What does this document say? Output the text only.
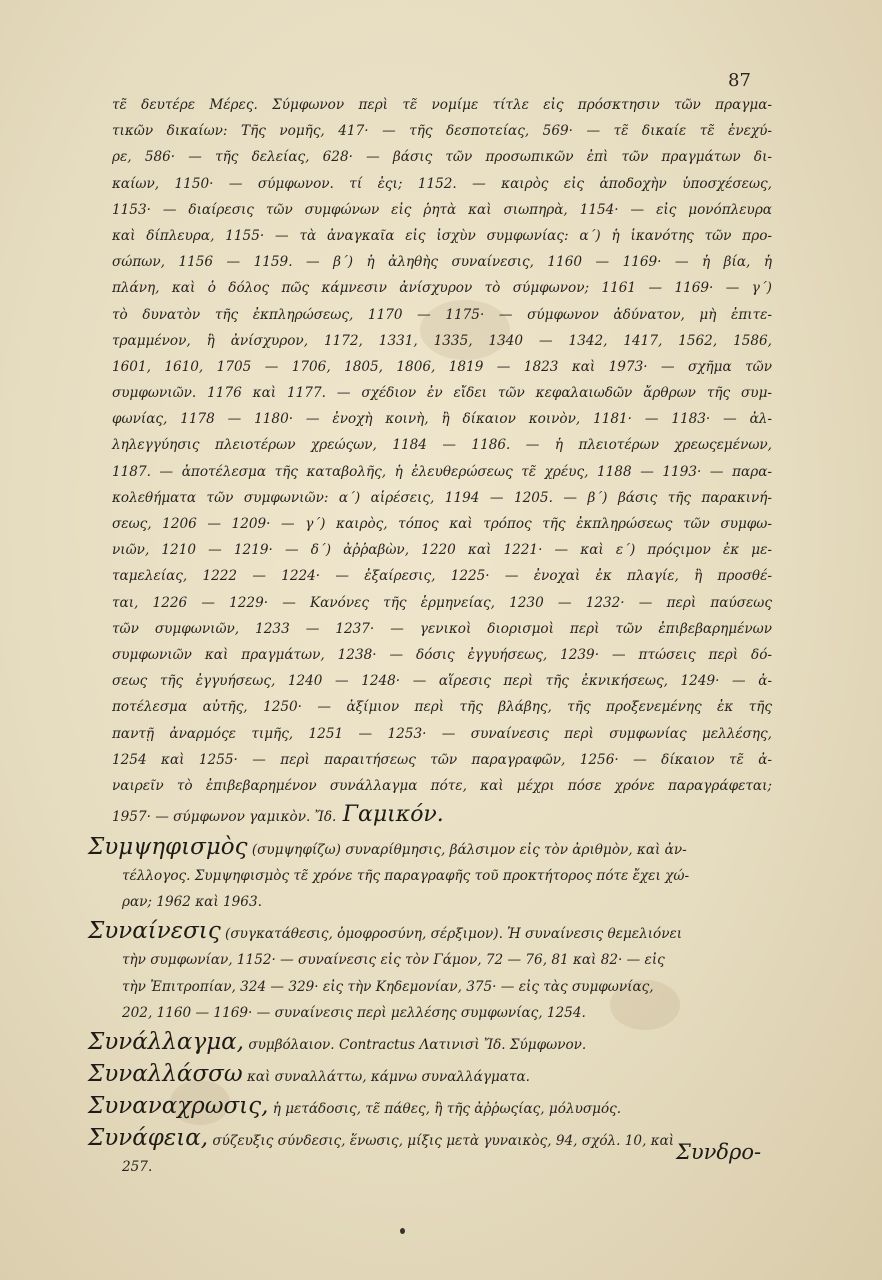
87
τε̃ δευτέρε Μέρες. Σύμφωνον περὶ τε̃ νομίμε τίτλε εἰς πρόσκτησιν τῶν πραγμα-
τικῶν δικαίων: Τῆς νομῆς, 417· — τῆς δεσποτείας, 569· — τε̃ δικαίε τε̃ ἐνεχύ-
ρε, 586· — τῆς δελείας, 628· — βάσις τῶν προσωπικῶν ἐπὶ τῶν πραγμάτων δι-
καίων, 1150· — σύμφωνον. τί ἐςι; 1152. — καιρὸς εἰς ἀποδοχὴν ὑποσχέσεως,
1153· — διαίρεσις τῶν συμφώνων εἰς ῥητὰ καὶ σιωπηρὰ, 1154· — εἰς μονόπλευρα
καὶ δίπλευρα, 1155· — τὰ ἀναγκαῖα εἰς ἰσχὺν συμφωνίας: α´) ἡ ἱκανότης τῶν προ-
σώπων, 1156 — 1159. — β´) ἡ ἀληθὴς συναίνεσις, 1160 — 1169· — ἡ βία, ἡ
πλάνη, καὶ ὁ δόλος πῶς κάμνεσιν ἀνίσχυρον τὸ σύμφωνον; 1161 — 1169· — γ´)
τὸ δυνατὸν τῆς ἐκπληρώσεως, 1170 — 1175· — σύμφωνον ἀδύνατον, μὴ ἐπιτε-
τραμμένον, ἢ ἀνίσχυρον, 1172, 1331, 1335, 1340 — 1342, 1417, 1562, 1586,
1601, 1610, 1705 — 1706, 1805, 1806, 1819 — 1823 καὶ 1973· — σχῆμα τῶν
συμφωνιῶν. 1176 καὶ 1177. — σχέδιον ἐν εἴδει τῶν κεφαλαιωδῶν ἄρθρων τῆς συμ-
φωνίας, 1178 — 1180· — ἐνοχὴ κοινὴ, ἢ δίκαιον κοινὸν, 1181· — 1183· — ἀλ-
ληλεγγύησις πλειοτέρων χρεώςων, 1184 — 1186. — ἡ πλειοτέρων χρεωςεμένων,
1187. — ἀποτέλεσμα τῆς καταβολῆς, ἡ ἐλευθερώσεως τε̃ χρέυς, 1188 — 1193· — παρα-
κολεθήματα τῶν συμφωνιῶν: α´) αἱρέσεις, 1194 — 1205. — β´) βάσις τῆς παρακινή-
σεως, 1206 — 1209· — γ´) καιρὸς, τόπος καὶ τρόπος τῆς ἐκπληρώσεως τῶν συμφω-
νιῶν, 1210 — 1219· — δ´) ἀῤῥαβὼν, 1220 καὶ 1221· — καὶ ε´) πρόςιμον ἐκ με-
ταμελείας, 1222 — 1224· — ἐξαίρεσις, 1225· — ἐνοχαὶ ἐκ πλαγίε, ἢ προσθέ-
ται, 1226 — 1229· — Κανόνες τῆς ἑρμηνείας, 1230 — 1232· — περὶ παύσεως
τῶν συμφωνιῶν, 1233 — 1237· — γενικοὶ διορισμοὶ περὶ τῶν ἐπιβεβαρημένων
συμφωνιῶν καὶ πραγμάτων, 1238· — δόσις ἐγγυήσεως, 1239· — πτώσεις περὶ δό-
σεως τῆς ἐγγυήσεως, 1240 — 1248· — αἵρεσις περὶ τῆς ἐκνικήσεως, 1249· — ἀ-
ποτέλεσμα αὐτῆς, 1250· — ἀξίμιον περὶ τῆς βλάβης, τῆς προξενεμένης ἐκ τῆς
παντῇ ἀναρμόςε τιμῆς, 1251 — 1253· — συναίνεσις περὶ συμφωνίας μελλέσης,
1254 καὶ 1255· — περὶ παραιτήσεως τῶν παραγραφῶν, 1256· — δίκαιον τε̃ ἀ-
ναιρεῖν τὸ ἐπιβεβαρημένον συνάλλαγμα πότε, καὶ μέχρι πόσε χρόνε παραγράφεται;
1957· — σύμφωνον γαμικὸν. Ἴδ. Γαμικόν.
Συμψηφισμὸς (συμψηφίζω) συναρίθμησις, βάλσιμον εἰς τὸν ἀριθμὸν, καὶ ἀν-
τέλλογος. Συμψηφισμὸς τε̃ χρόνε τῆς παραγραφῆς τοῦ προκτήτορος πότε ἔχει χώ-
ραν; 1962 καὶ 1963.
Συναίνεσις (συγκατάθεσις, ὁμοφροσύνη, σέρξιμον). Ἡ συναίνεσις θεμελιόνει
τὴν συμφωνίαν, 1152· — συναίνεσις εἰς τὸν Γάμον, 72 — 76, 81 καὶ 82· — εἰς
τὴν Ἐπιτροπίαν, 324 — 329· εἰς τὴν Κηδεμονίαν, 375· — εἰς τὰς συμφωνίας,
202, 1160 — 1169· — συναίνεσις περὶ μελλέσης συμφωνίας, 1254.
Συνάλλαγμα, συμβόλαιον. Contractus Λατινισὶ Ἴδ. Σύμφωνον.
Συναλλάσσω καὶ συναλλάττω, κάμνω συναλλάγματα.
Συναναχρωσις, ἡ μετάδοσις, τε̃ πάθες, ἢ τῆς ἀῤῥωςίας, μόλυσμός.
Συνάφεια, σύζευξις σύνδεσις, ἕνωσις, μίξις μετὰ γυναικὸς, 94, σχόλ. 10, καὶ
257.
Συνδρο-
